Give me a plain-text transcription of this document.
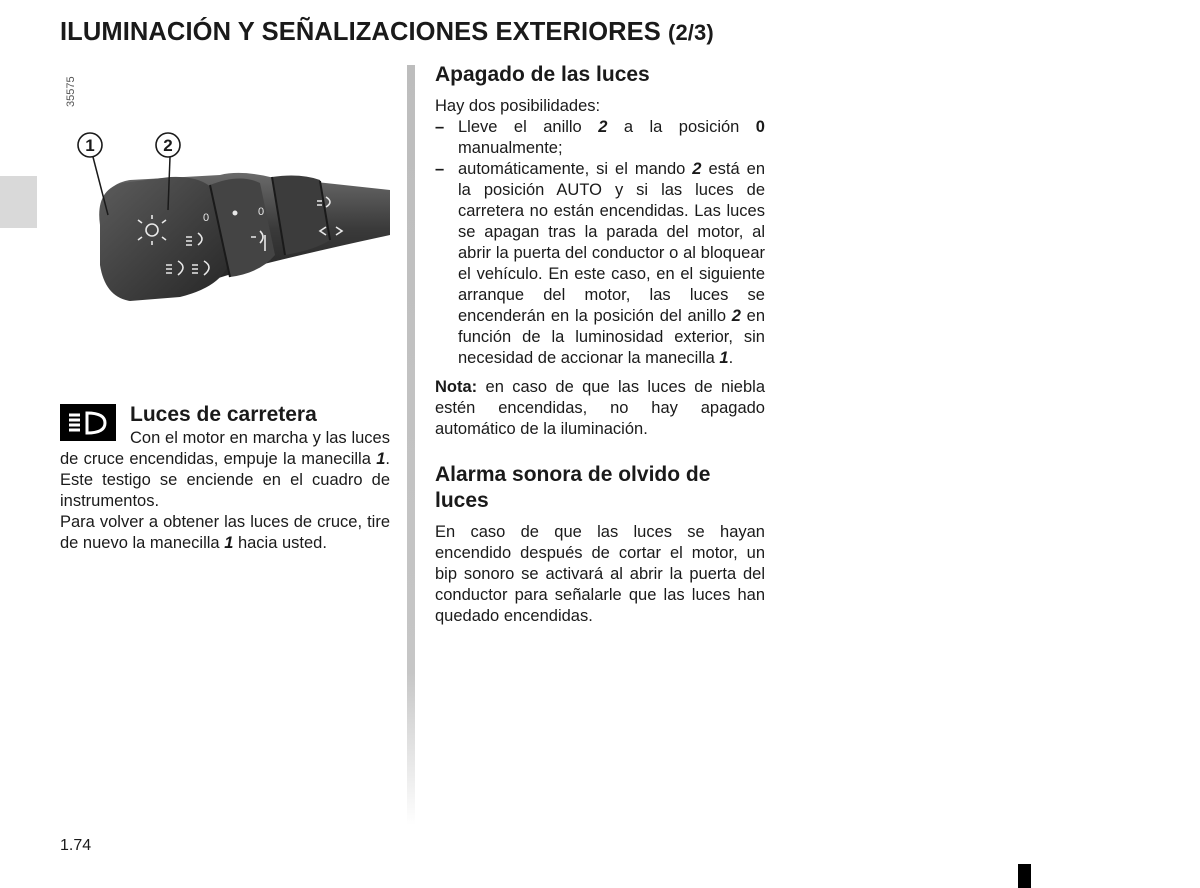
ILUMINACIÓN Y SEÑALIZACIONES EXTERIORES (2/3)
35575
0	0
1	2
Luces de carretera

Con el motor en marcha y las luces de cruce encendidas, empuje la manecilla 1. Este testigo se enciende en el cuadro de instrumentos.

Para volver a obtener las luces de cruce, tire de nuevo la manecilla 1 hacia usted.

Apagado de las luces

Hay dos posibilidades:

– Lleve el anillo 2 a la posición 0 manualmente;
– automáticamente, si el mando 2 está en la posición AUTO y si las luces de carretera no están encendidas. Las luces se apagan tras la parada del motor, al abrir la puerta del conductor o al bloquear el vehículo. En este caso, en el siguiente arranque del motor, las luces se encenderán en la posición del anillo 2 en función de la luminosidad exterior, sin necesidad de accionar la manecilla 1.

Nota: en caso de que las luces de niebla estén encendidas, no hay apagado automático de la iluminación.

Alarma sonora de olvido de luces

En caso de que las luces se hayan encendido después de cortar el motor, un bip sonoro se activará al abrir la puerta del conductor para señalarle que las luces han quedado encendidas.

1.74
